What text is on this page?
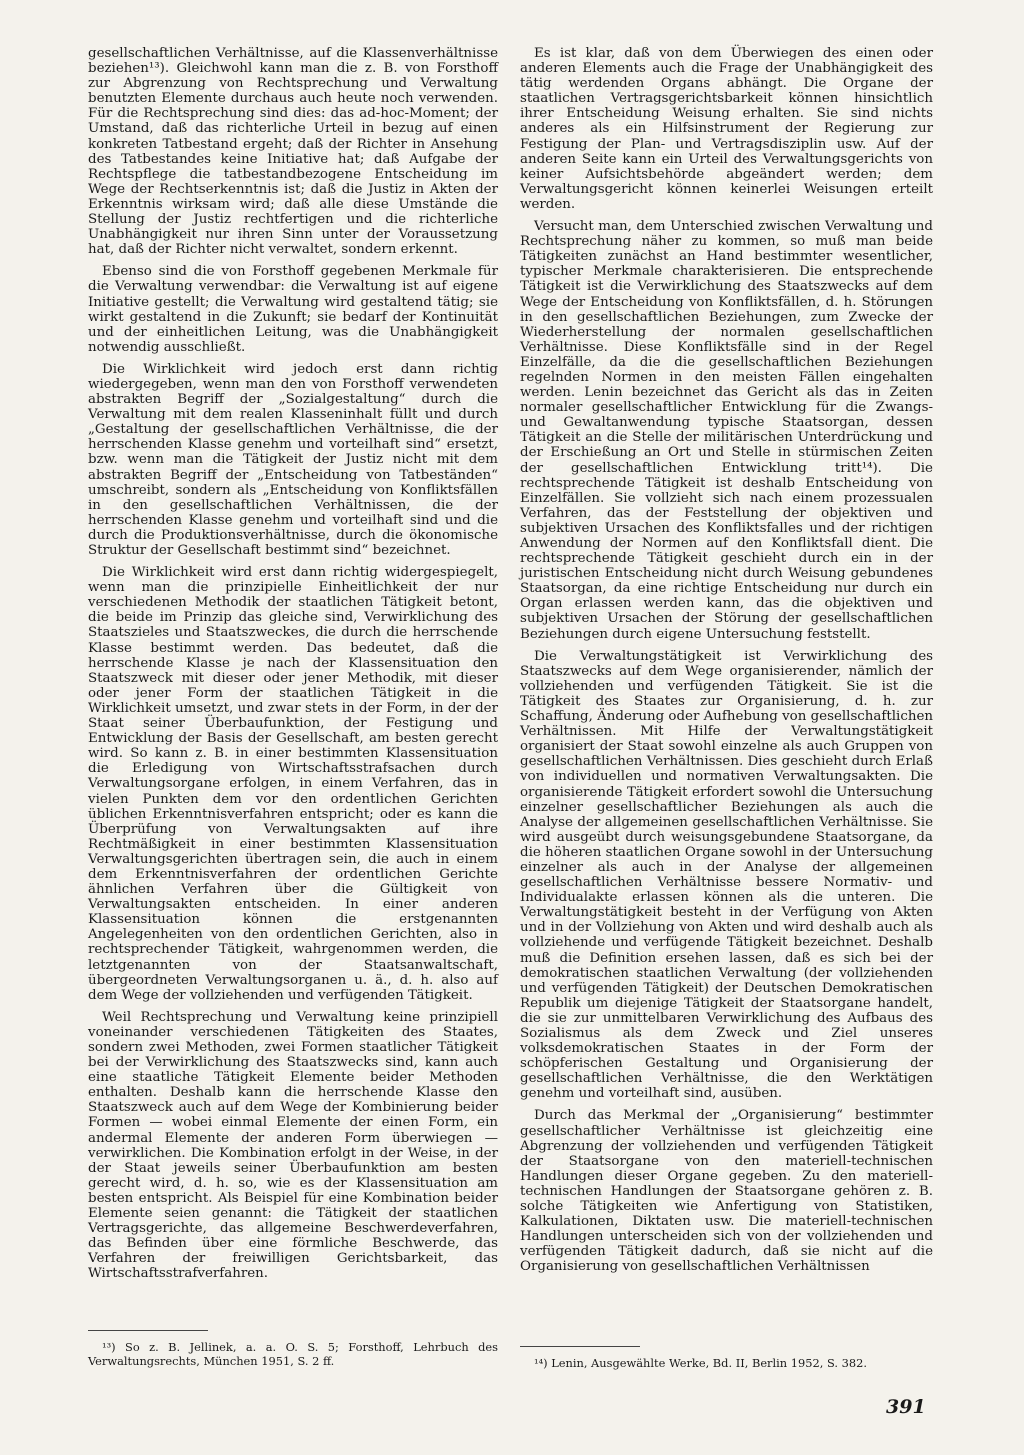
gesellschaftlichen Verhältnisse, auf die Klassenverhältnisse beziehen¹³). Gleichwohl kann man die z. B. von Forsthoff zur Abgrenzung von Rechtsprechung und Verwaltung benutzten Elemente durchaus auch heute noch verwenden. Für die Rechtsprechung sind dies: das ad-hoc-Moment; der Umstand, daß das richterliche Urteil in bezug auf einen konkreten Tatbestand ergeht; daß der Richter in Ansehung des Tatbestandes keine Initiative hat; daß Aufgabe der Rechtspflege die tatbestandbezogene Entscheidung im Wege der Rechtserkenntnis ist; daß die Justiz in Akten der Erkenntnis wirksam wird; daß alle diese Umstände die Stellung der Justiz rechtfertigen und die richterliche Unabhängigkeit nur ihren Sinn unter der Voraussetzung hat, daß der Richter nicht verwaltet, sondern erkennt.

Ebenso sind die von Forsthoff gegebenen Merkmale für die Verwaltung verwendbar: die Verwaltung ist auf eigene Initiative gestellt; die Verwaltung wird gestaltend tätig; sie wirkt gestaltend in die Zukunft; sie bedarf der Kontinuität und der einheitlichen Leitung, was die Unabhängigkeit notwendig ausschließt.

Die Wirklichkeit wird jedoch erst dann richtig wiedergegeben, wenn man den von Forsthoff verwendeten abstrakten Begriff der „Sozialgestaltung“ durch die Verwaltung mit dem realen Klasseninhalt füllt und durch „Gestaltung der gesellschaftlichen Verhältnisse, die der herrschenden Klasse genehm und vorteilhaft sind“ ersetzt, bzw. wenn man die Tätigkeit der Justiz nicht mit dem abstrakten Begriff der „Entscheidung von Tatbeständen“ umschreibt, sondern als „Entscheidung von Konfliktsfällen in den gesellschaftlichen Verhältnissen, die der herrschenden Klasse genehm und vorteilhaft sind und die durch die Produktionsverhältnisse, durch die ökonomische Struktur der Gesellschaft bestimmt sind“ bezeichnet.

Die Wirklichkeit wird erst dann richtig widergespiegelt, wenn man die prinzipielle Einheitlichkeit der nur verschiedenen Methodik der staatlichen Tätigkeit betont, die beide im Prinzip das gleiche sind, Verwirklichung des Staatszieles und Staatszweckes, die durch die herrschende Klasse bestimmt werden. Das bedeutet, daß die herrschende Klasse je nach der Klassensituation den Staatszweck mit dieser oder jener Methodik, mit dieser oder jener Form der staatlichen Tätigkeit in die Wirklichkeit umsetzt, und zwar stets in der Form, in der der Staat seiner Überbaufunktion, der Festigung und Entwicklung der Basis der Gesellschaft, am besten gerecht wird. So kann z. B. in einer bestimmten Klassensituation die Erledigung von Wirtschaftsstrafsachen durch Verwaltungsorgane erfolgen, in einem Verfahren, das in vielen Punkten dem vor den ordentlichen Gerichten üblichen Erkenntnisverfahren entspricht; oder es kann die Überprüfung von Verwaltungsakten auf ihre Rechtmäßigkeit in einer bestimmten Klassensituation Verwaltungsgerichten übertragen sein, die auch in einem dem Erkenntnisverfahren der ordentlichen Gerichte ähnlichen Verfahren über die Gültigkeit von Verwaltungsakten entscheiden. In einer anderen Klassensituation können die erstgenannten Angelegenheiten von den ordentlichen Gerichten, also in rechtsprechender Tätigkeit, wahrgenommen werden, die letztgenannten von der Staatsanwaltschaft, übergeordneten Verwaltungsorganen u. ä., d. h. also auf dem Wege der vollziehenden und verfügenden Tätigkeit.

Weil Rechtsprechung und Verwaltung keine prinzipiell voneinander verschiedenen Tätigkeiten des Staates, sondern zwei Methoden, zwei Formen staatlicher Tätigkeit bei der Verwirklichung des Staatszwecks sind, kann auch eine staatliche Tätigkeit Elemente beider Methoden enthalten. Deshalb kann die herrschende Klasse den Staatszweck auch auf dem Wege der Kombinierung beider Formen — wobei einmal Elemente der einen Form, ein andermal Elemente der anderen Form überwiegen — verwirklichen. Die Kombination erfolgt in der Weise, in der der Staat jeweils seiner Überbaufunktion am besten gerecht wird, d. h. so, wie es der Klassensituation am besten entspricht. Als Beispiel für eine Kombination beider Elemente seien genannt: die Tätigkeit der staatlichen Vertragsgerichte, das allgemeine Beschwerdeverfahren, das Befinden über eine förmliche Beschwerde, das Verfahren der freiwilligen Gerichtsbarkeit, das Wirtschaftsstrafverfahren.

Es ist klar, daß von dem Überwiegen des einen oder anderen Elements auch die Frage der Unabhängigkeit des tätig werdenden Organs abhängt. Die Organe der staatlichen Vertragsgerichtsbarkeit können hinsichtlich ihrer Entscheidung Weisung erhalten. Sie sind nichts anderes als ein Hilfsinstrument der Regierung zur Festigung der Plan- und Vertragsdisziplin usw. Auf der anderen Seite kann ein Urteil des Verwaltungsgerichts von keiner Aufsichtsbehörde abgeändert werden; dem Verwaltungsgericht können keinerlei Weisungen erteilt werden.

Versucht man, dem Unterschied zwischen Verwaltung und Rechtsprechung näher zu kommen, so muß man beide Tätigkeiten zunächst an Hand bestimmter wesentlicher, typischer Merkmale charakterisieren. Die entsprechende Tätigkeit ist die Verwirklichung des Staatszwecks auf dem Wege der Entscheidung von Konfliktsfällen, d. h. Störungen in den gesellschaftlichen Beziehungen, zum Zwecke der Wiederherstellung der normalen gesellschaftlichen Verhältnisse. Diese Konfliktsfälle sind in der Regel Einzelfälle, da die die gesellschaftlichen Beziehungen regelnden Normen in den meisten Fällen eingehalten werden. Lenin bezeichnet das Gericht als das in Zeiten normaler gesellschaftlicher Entwicklung für die Zwangs- und Gewaltanwendung typische Staatsorgan, dessen Tätigkeit an die Stelle der militärischen Unterdrückung und der Erschießung an Ort und Stelle in stürmischen Zeiten der gesellschaftlichen Entwicklung tritt¹⁴). Die rechtsprechende Tätigkeit ist deshalb Entscheidung von Einzelfällen. Sie vollzieht sich nach einem prozessualen Verfahren, das der Feststellung der objektiven und subjektiven Ursachen des Konfliktsfalles und der richtigen Anwendung der Normen auf den Konfliktsfall dient. Die rechtsprechende Tätigkeit geschieht durch ein in der juristischen Entscheidung nicht durch Weisung gebundenes Staatsorgan, da eine richtige Entscheidung nur durch ein Organ erlassen werden kann, das die objektiven und subjektiven Ursachen der Störung der gesellschaftlichen Beziehungen durch eigene Untersuchung feststellt.

Die Verwaltungstätigkeit ist Verwirklichung des Staatszwecks auf dem Wege organisierender, nämlich der vollziehenden und verfügenden Tätigkeit. Sie ist die Tätigkeit des Staates zur Organisierung, d. h. zur Schaffung, Änderung oder Aufhebung von gesellschaftlichen Verhältnissen. Mit Hilfe der Verwaltungstätigkeit organisiert der Staat sowohl einzelne als auch Gruppen von gesellschaftlichen Verhältnissen. Dies geschieht durch Erlaß von individuellen und normativen Verwaltungsakten. Die organisierende Tätigkeit erfordert sowohl die Untersuchung einzelner gesellschaftlicher Beziehungen als auch die Analyse der allgemeinen gesellschaftlichen Verhältnisse. Sie wird ausgeübt durch weisungsgebundene Staatsorgane, da die höheren staatlichen Organe sowohl in der Untersuchung einzelner als auch in der Analyse der allgemeinen gesellschaftlichen Verhältnisse bessere Normativ- und Individualakte erlassen können als die unteren. Die Verwaltungstätigkeit besteht in der Verfügung von Akten und in der Vollziehung von Akten und wird deshalb auch als vollziehende und verfügende Tätigkeit bezeichnet. Deshalb muß die Definition ersehen lassen, daß es sich bei der demokratischen staatlichen Verwaltung (der vollziehenden und verfügenden Tätigkeit) der Deutschen Demokratischen Republik um diejenige Tätigkeit der Staatsorgane handelt, die sie zur unmittelbaren Verwirklichung des Aufbaus des Sozialismus als dem Zweck und Ziel unseres volksdemokratischen Staates in der Form der schöpferischen Gestaltung und Organisierung der gesellschaftlichen Verhältnisse, die den Werktätigen genehm und vorteilhaft sind, ausüben.

Durch das Merkmal der „Organisierung“ bestimmter gesellschaftlicher Verhältnisse ist gleichzeitig eine Abgrenzung der vollziehenden und verfügenden Tätigkeit der Staatsorgane von den materiell-technischen Handlungen dieser Organe gegeben. Zu den materiell-technischen Handlungen der Staatsorgane gehören z. B. solche Tätigkeiten wie Anfertigung von Statistiken, Kalkulationen, Diktaten usw. Die materiell-technischen Handlungen unterscheiden sich von der vollziehenden und verfügenden Tätigkeit dadurch, daß sie nicht auf die Organisierung von gesellschaftlichen Verhältnissen

¹³) So z. B. Jellinek, a. a. O. S. 5; Forsthoff, Lehrbuch des Verwaltungsrechts, München 1951, S. 2 ff.	¹⁴) Lenin, Ausgewählte Werke, Bd. II, Berlin 1952, S. 382.

391
